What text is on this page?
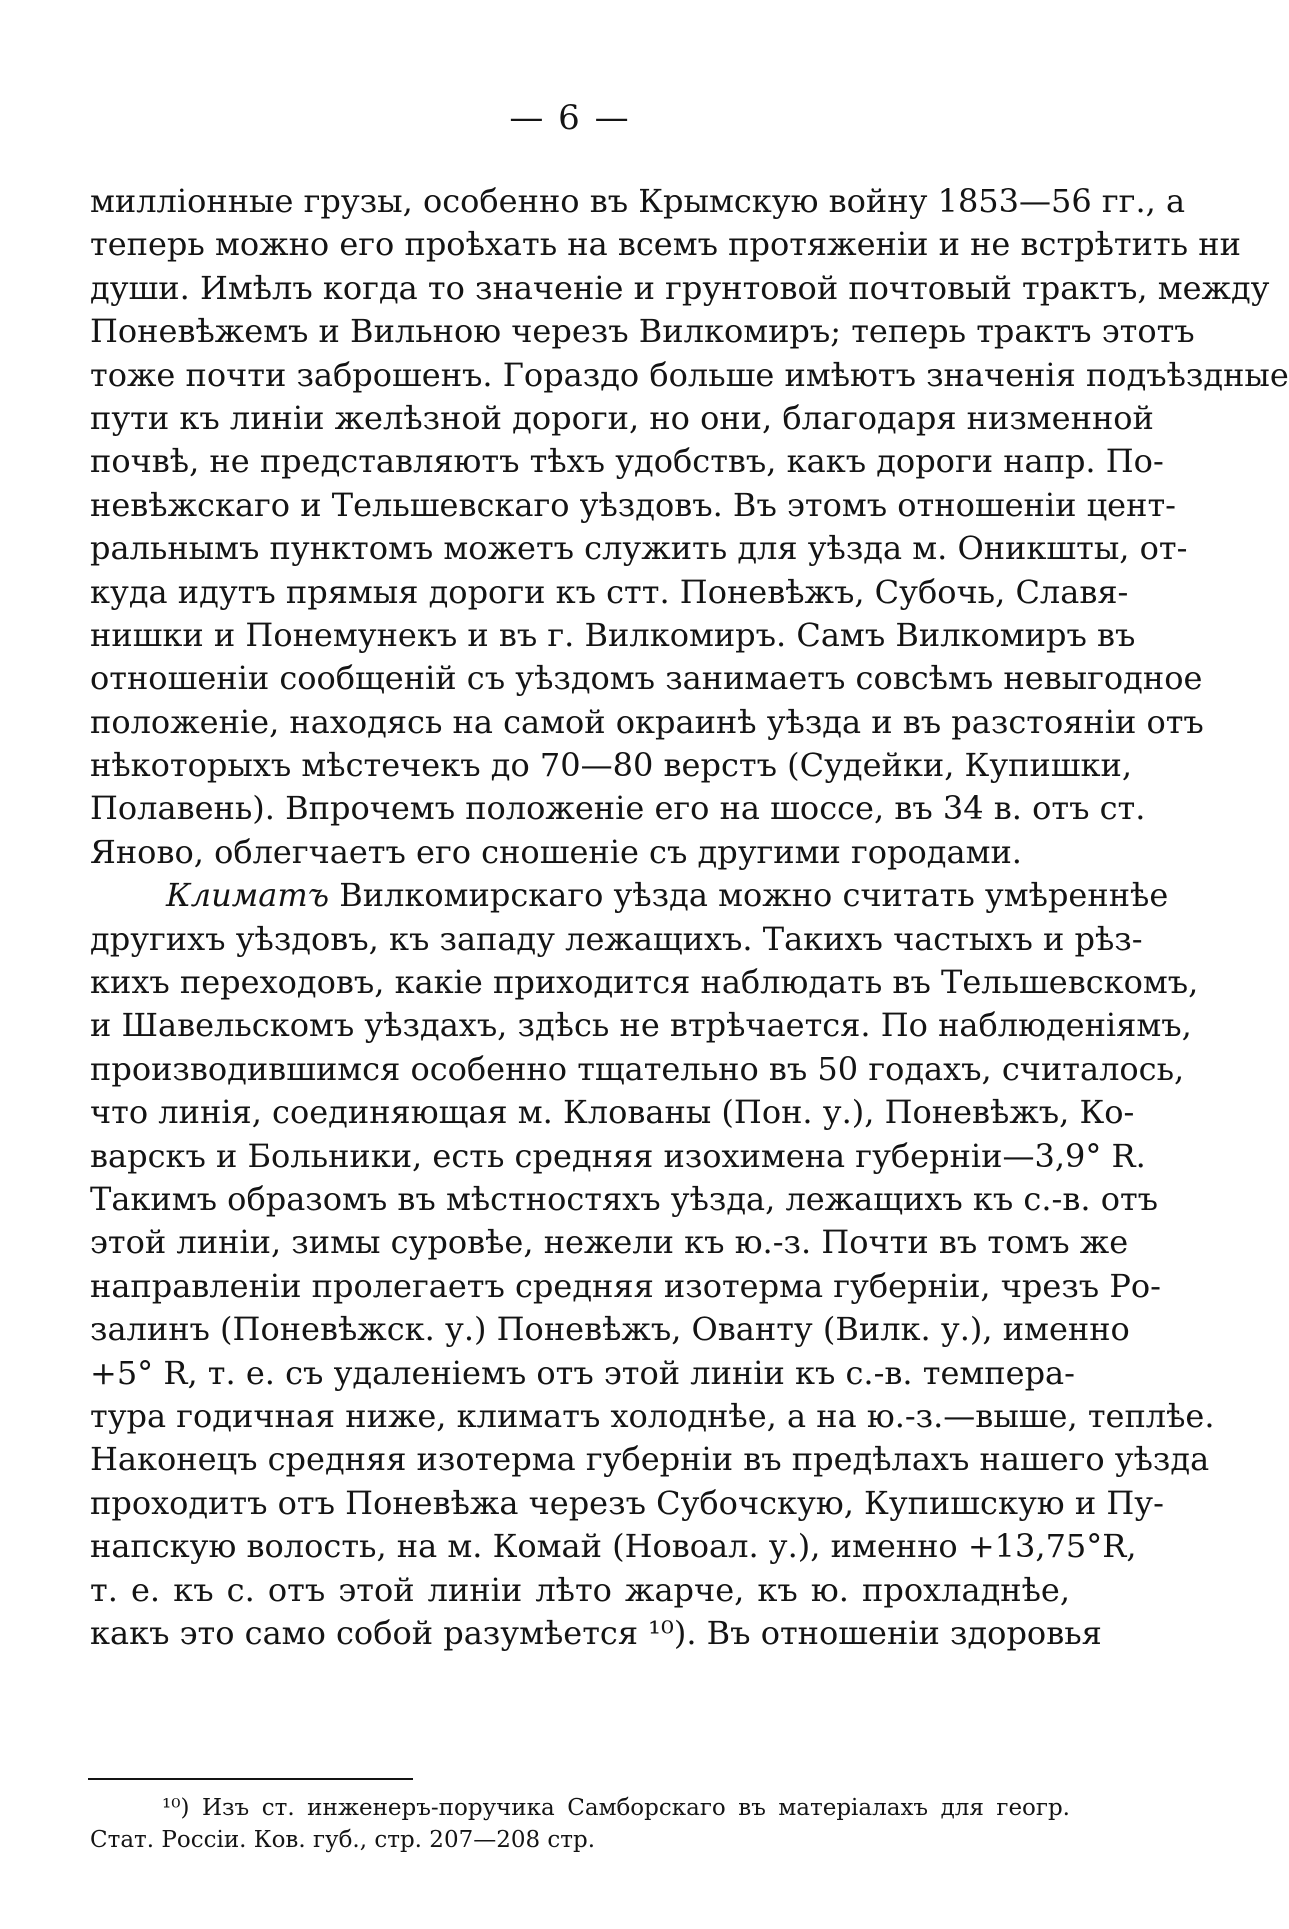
— 6 —
милліонные грузы, особенно въ Крымскую войну 1853—56 гг., а
теперь можно его проѣхать на всемъ протяженіи и не встрѣтить ни
души. Имѣлъ когда то значеніе и грунтовой почтовый трактъ, между
Поневѣжемъ и Вильною черезъ Вилкомиръ; теперь трактъ этотъ
тоже почти заброшенъ. Гораздо больше имѣютъ значенія подъѣздные
пути къ линіи желѣзной дороги, но они, благодаря низменной
почвѣ, не представляютъ тѣхъ удобствъ, какъ дороги напр. По-
невѣжскаго и Тельшевскаго уѣздовъ. Въ этомъ отношеніи цент-
ральнымъ пунктомъ можетъ служить для уѣзда м. Оникшты, от-
куда идутъ прямыя дороги къ стт. Поневѣжъ, Субочь, Славя-
нишки и Понемунекъ и въ г. Вилкомиръ. Самъ Вилкомиръ въ
отношеніи сообщеній съ уѣздомъ занимаетъ совсѣмъ невыгодное
положеніе, находясь на самой окраинѣ уѣзда и въ разстояніи отъ
нѣкоторыхъ мѣстечекъ до 70—80 верстъ (Судейки, Купишки,
Полавень). Впрочемъ положеніе его на шоссе, въ 34 в. отъ ст.
Яново, облегчаетъ его сношеніе съ другими городами.
Климатъ Вилкомирскаго уѣзда можно считать умѣреннѣе
другихъ уѣздовъ, къ западу лежащихъ. Такихъ частыхъ и рѣз-
кихъ переходовъ, какіе приходится наблюдать въ Тельшевскомъ,
и Шавельскомъ уѣздахъ, здѣсь не втрѣчается. По наблюденіямъ,
производившимся особенно тщательно въ 50 годахъ, считалось,
что линія, соединяющая м. Клованы (Пон. у.), Поневѣжъ, Ко-
варскъ и Больники, есть средняя изохимена губерніи—3,9° R.
Такимъ образомъ въ мѣстностяхъ уѣзда, лежащихъ къ с.-в. отъ
этой линіи, зимы суровѣе, нежели къ ю.-з. Почти въ томъ же
направленіи пролегаетъ средняя изотерма губерніи, чрезъ Ро-
залинъ (Поневѣжск. у.) Поневѣжъ, Ованту (Вилк. у.), именно
+5° R, т. е. съ удаленіемъ отъ этой линіи къ с.-в. темпера-
тура годичная ниже, климатъ холоднѣе, а на ю.-з.—выше, теплѣе.
Наконецъ средняя изотерма губерніи въ предѣлахъ нашего уѣзда
проходитъ отъ Поневѣжа черезъ Субочскую, Купишскую и Пу-
напскую волость, на м. Комай (Новоал. у.), именно +13,75°R,
т. е. къ с. отъ этой линіи лѣто жарче, къ ю. прохладнѣе,
какъ это само собой разумѣется ¹⁰). Въ отношеніи здоровья
¹⁰) Изъ ст. инженеръ-поручика Самборскаго въ матеріалахъ для геогр.
Стат. Россіи. Ков. губ., стр. 207—208 стр.
